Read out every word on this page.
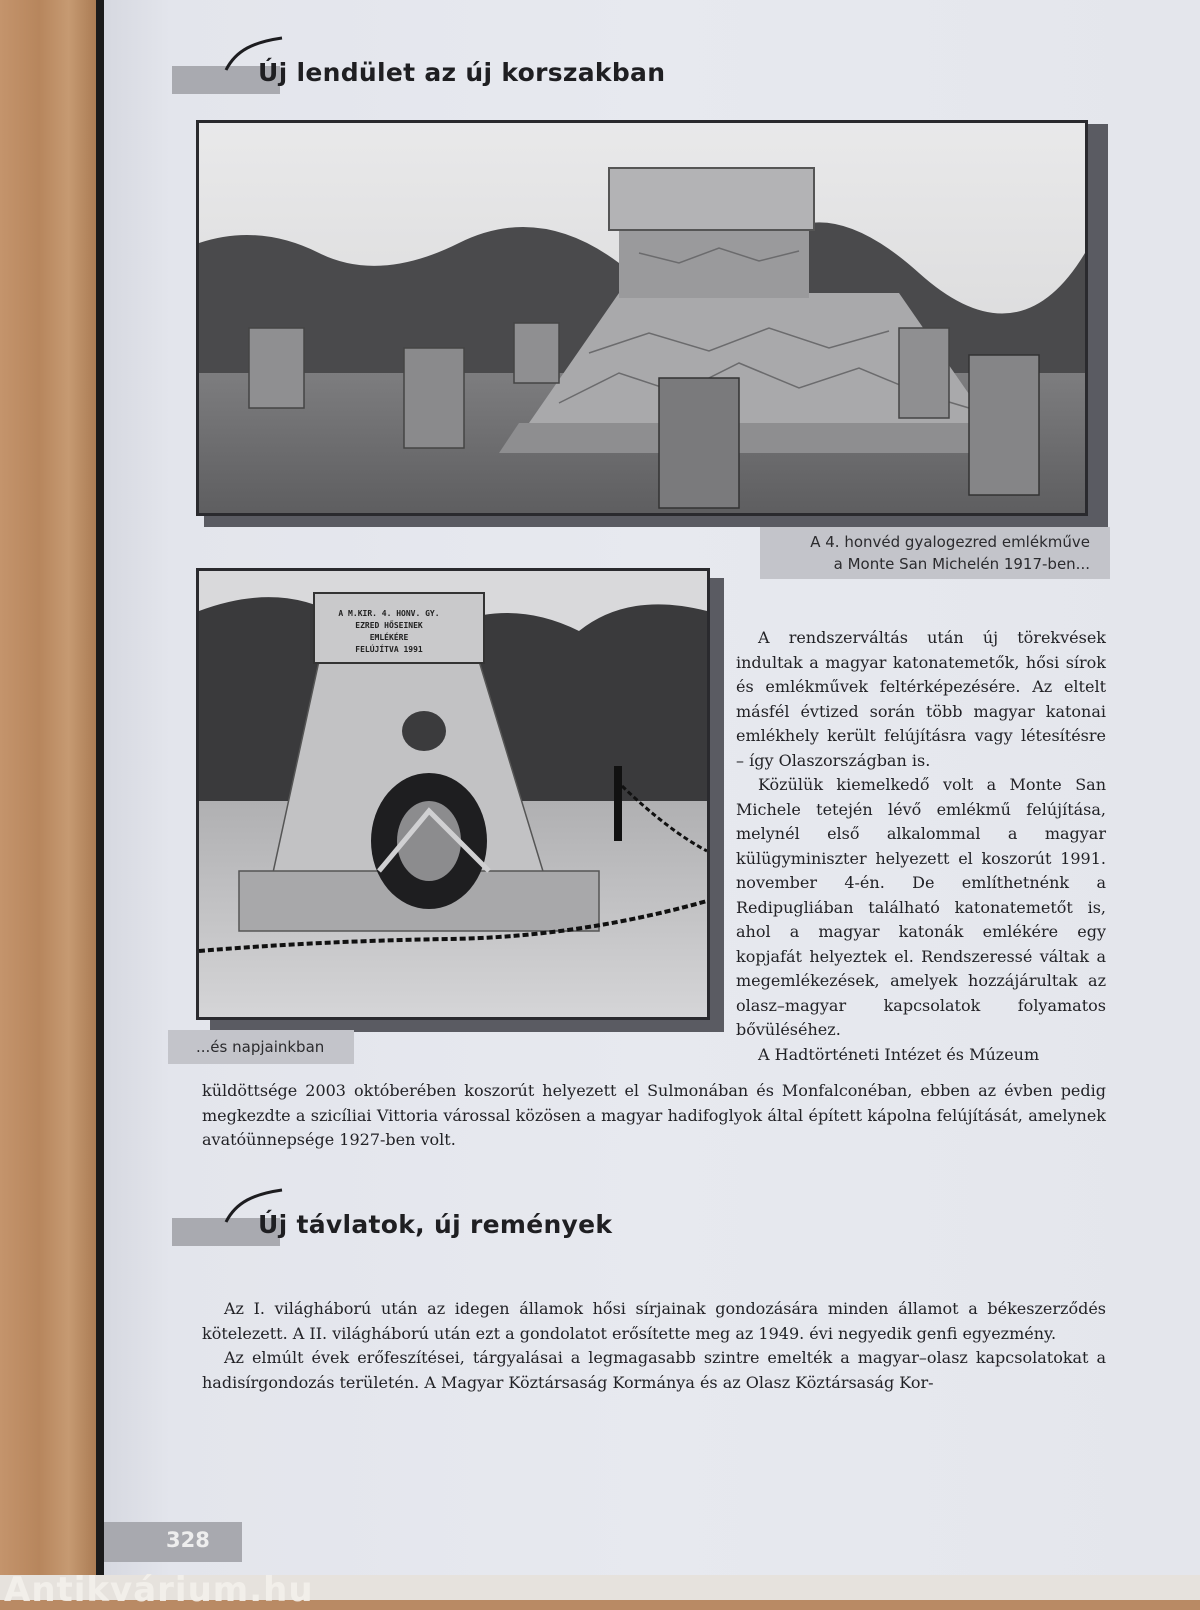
Új lendület az új korszakban
A 4. honvéd gyalogezred emlékműve
a Monte San Michelén 1917-ben...
A M.KIR. 4. HONV. GY.
EZRED HŐSEINEK
EMLÉKÉRE
FELÚJÍTVA 1991
...és napjainkban

A rendszerváltás után új törekvések indultak a magyar katonatemetők, hősi sírok és emlékművek feltérképezésére. Az eltelt másfél évtized során több magyar katonai emlékhely került felújításra vagy létesítésre – így Olaszországban is.

Közülük kiemelkedő volt a Monte San Michele tetején lévő emlékmű felújítása, melynél első alkalommal a magyar külügyminiszter helyezett el koszorút 1991. november 4-én. De említhetnénk a Redipugliában található katonatemetőt is, ahol a magyar katonák emlékére egy kopjafát helyeztek el. Rendszeressé váltak a megemlékezések, amelyek hozzájárultak az olasz–magyar kapcsolatok folyamatos bővüléséhez.

A Hadtörténeti Intézet és Múzeum

küldöttsége 2003 októberében koszorút helyezett el Sulmonában és Monfalconéban, ebben az évben pedig megkezdte a szicíliai Vittoria várossal közösen a magyar hadifoglyok által épített kápolna felújítását, amelynek avatóünnepsége 1927-ben volt.

Új távlatok, új remények

Az I. világháború után az idegen államok hősi sírjainak gondozására minden államot a békeszerződés kötelezett. A II. világháború után ezt a gondolatot erősítette meg az 1949. évi negyedik genfi egyezmény.

Az elmúlt évek erőfeszítései, tárgyalásai a legmagasabb szintre emelték a magyar–olasz kapcsolatokat a hadisírgondozás területén. A Magyar Köztársaság Kormánya és az Olasz Köztársaság Kor-

328
Antikvárium.hu
